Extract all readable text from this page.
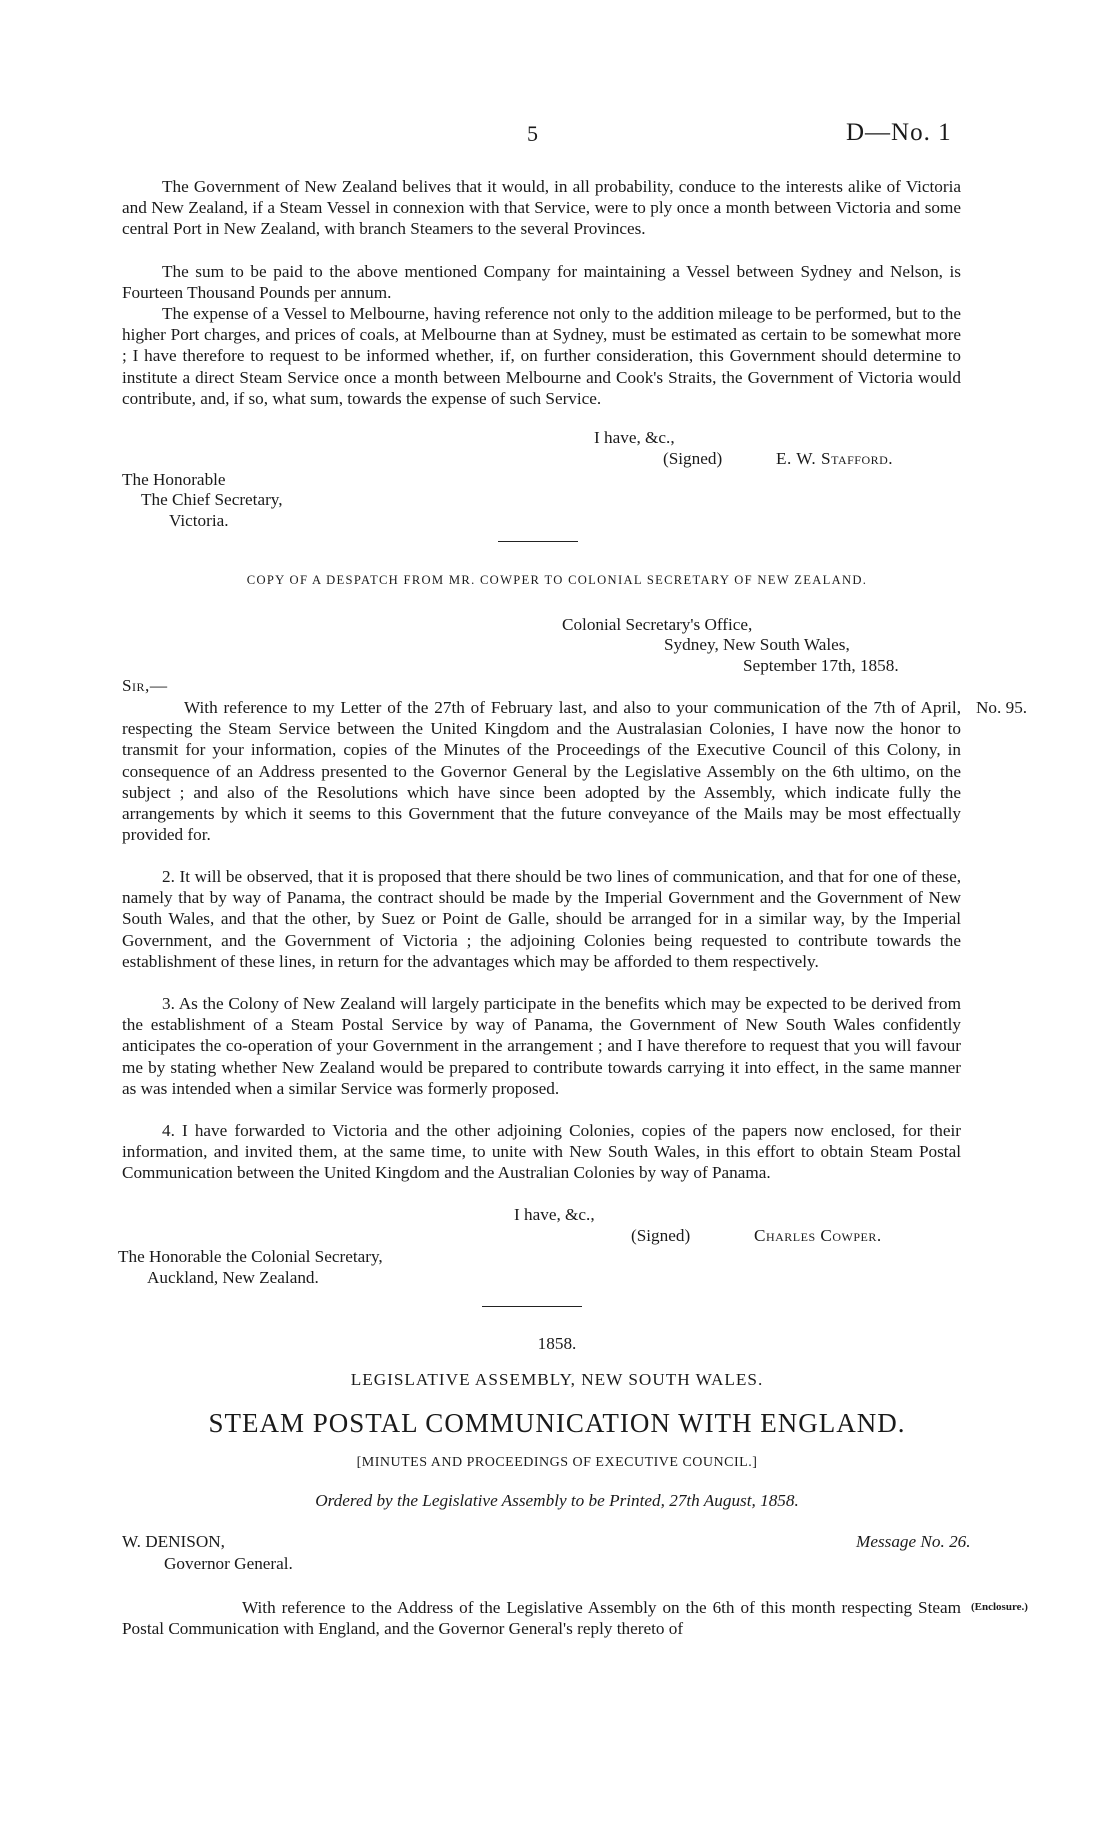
5	D—No. 1
The Government of New Zealand belives that it would, in all probability, conduce to the interests alike of Victoria and New Zealand, if a Steam Vessel in connexion with that Service, were to ply once a month between Victoria and some central Port in New Zealand, with branch Steamers to the several Provinces.
The sum to be paid to the above mentioned Company for maintaining a Vessel between Sydney and Nelson, is Fourteen Thousand Pounds per annum.
The expense of a Vessel to Melbourne, having reference not only to the addition mileage to be performed, but to the higher Port charges, and prices of coals, at Melbourne than at Sydney, must be estimated as certain to be somewhat more ; I have therefore to request to be informed whether, if, on further consideration, this Government should determine to institute a direct Steam Service once a month between Melbourne and Cook's Straits, the Government of Victoria would contribute, and, if so, what sum, towards the expense of such Service.
I have, &c.,
(Signed)	E. W. Stafford.
The Honorable
The Chief Secretary,
Victoria.
COPY OF A DESPATCH FROM MR. COWPER TO COLONIAL SECRETARY OF NEW ZEALAND.
Colonial Secretary's Office,
Sydney, New South Wales,
September 17th, 1858.
Sir,—
No. 95.
With reference to my Letter of the 27th of February last, and also to your communication of the 7th of April, respecting the Steam Service between the United Kingdom and the Australasian Colonies, I have now the honor to transmit for your information, copies of the Minutes of the Proceedings of the Executive Council of this Colony, in consequence of an Address presented to the Governor General by the Legislative Assembly on the 6th ultimo, on the subject ; and also of the Resolutions which have since been adopted by the Assembly, which indicate fully the arrangements by which it seems to this Government that the future conveyance of the Mails may be most effectually provided for.
2. It will be observed, that it is proposed that there should be two lines of communication, and that for one of these, namely that by way of Panama, the contract should be made by the Imperial Government and the Government of New South Wales, and that the other, by Suez or Point de Galle, should be arranged for in a similar way, by the Imperial Government, and the Government of Victoria ; the adjoining Colonies being requested to contribute towards the establishment of these lines, in return for the advantages which may be afforded to them respectively.
3. As the Colony of New Zealand will largely participate in the benefits which may be expected to be derived from the establishment of a Steam Postal Service by way of Panama, the Government of New South Wales confidently anticipates the co-operation of your Government in the arrangement ; and I have therefore to request that you will favour me by stating whether New Zealand would be prepared to contribute towards carrying it into effect, in the same manner as was intended when a similar Service was formerly proposed.
4. I have forwarded to Victoria and the other adjoining Colonies, copies of the papers now enclosed, for their information, and invited them, at the same time, to unite with New South Wales, in this effort to obtain Steam Postal Communication between the United Kingdom and the Australian Colonies by way of Panama.
I have, &c.,
(Signed)	Charles Cowper.
The Honorable the Colonial Secretary,
Auckland, New Zealand.
1858.
LEGISLATIVE ASSEMBLY, NEW SOUTH WALES.
STEAM POSTAL COMMUNICATION WITH ENGLAND.
[MINUTES AND PROCEEDINGS OF EXECUTIVE COUNCIL.]
Ordered by the Legislative Assembly to be Printed, 27th August, 1858.
W. DENISON,	Message No. 26.
Governor General.
(Enclosure.)
With reference to the Address of the Legislative Assembly on the 6th of this month respecting Steam Postal Communication with England, and the Governor General's reply thereto of
